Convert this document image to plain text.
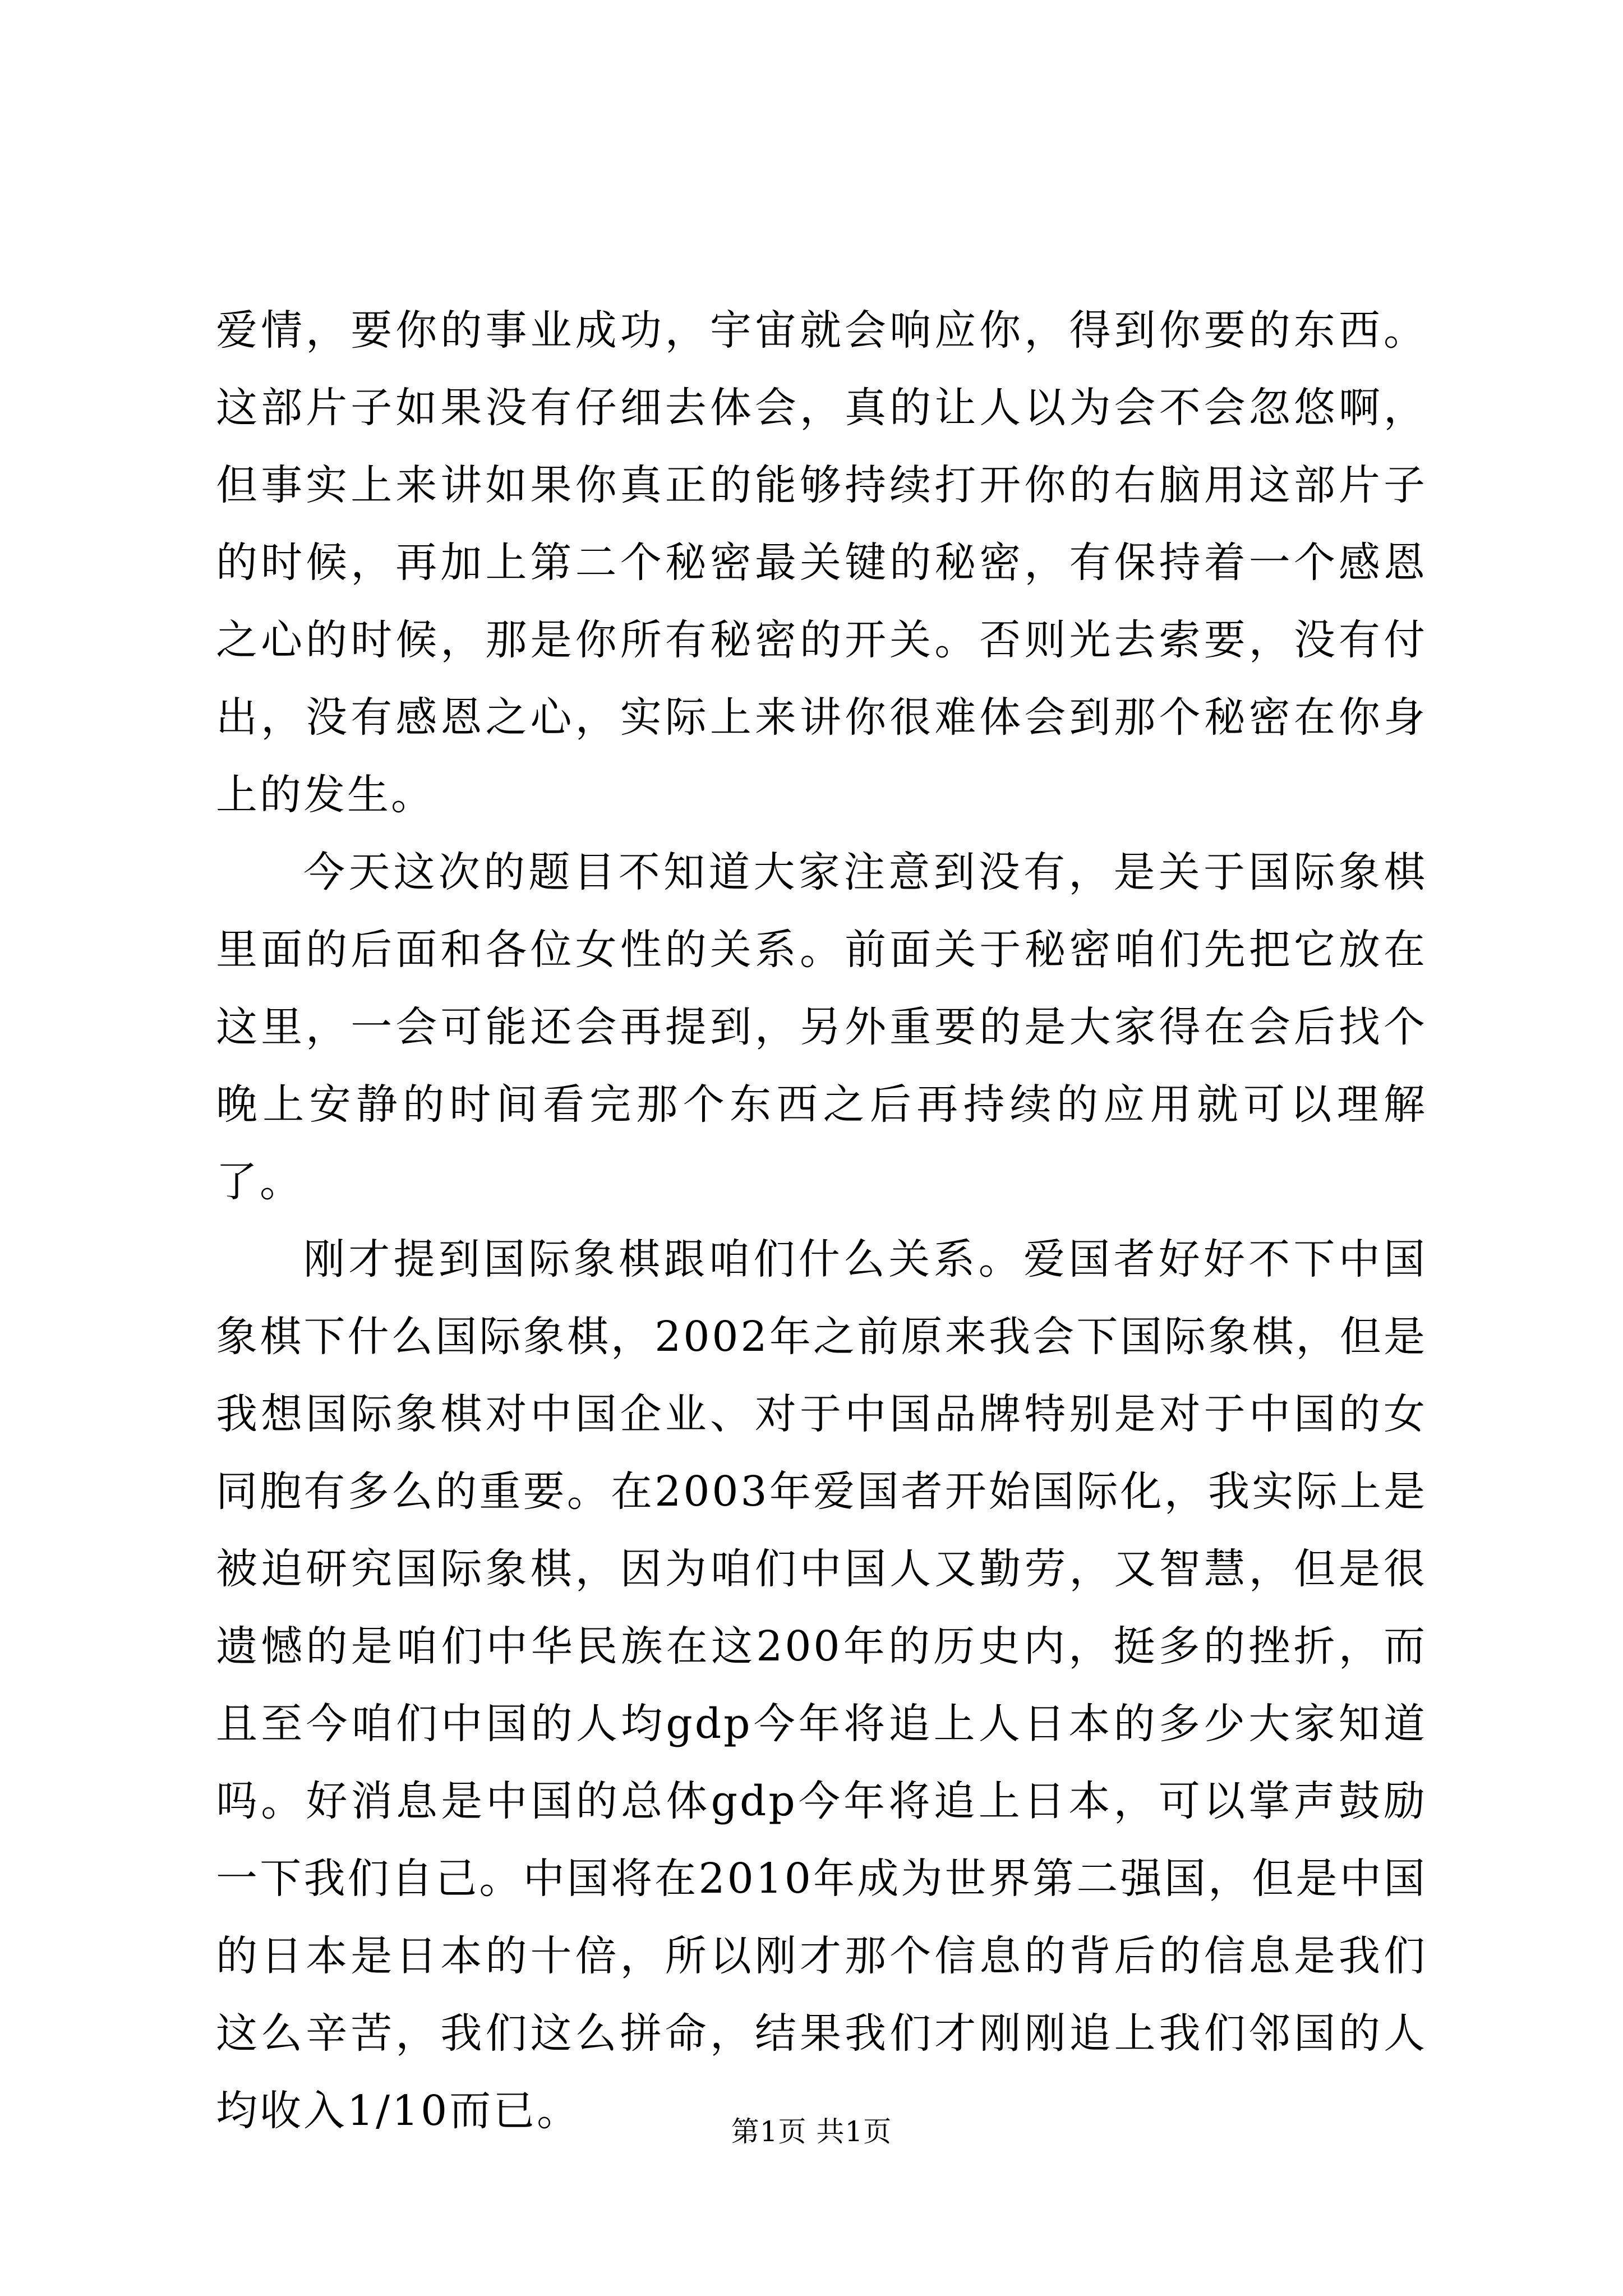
爱情，要你的事业成功，宇宙就会响应你，得到你要的东西。这部片子如果没有仔细去体会，真的让人以为会不会忽悠啊，但事实上来讲如果你真正的能够持续打开你的右脑用这部片子的时候，再加上第二个秘密最关键的秘密，有保持着一个感恩之心的时候，那是你所有秘密的开关。否则光去索要，没有付出，没有感恩之心，实际上来讲你很难体会到那个秘密在你身上的发生。

今天这次的题目不知道大家注意到没有，是关于国际象棋里面的后面和各位女性的关系。前面关于秘密咱们先把它放在这里，一会可能还会再提到，另外重要的是大家得在会后找个晚上安静的时间看完那个东西之后再持续的应用就可以理解了。

刚才提到国际象棋跟咱们什么关系。爱国者好好不下中国象棋下什么国际象棋，2002年之前原来我会下国际象棋，但是我想国际象棋对中国企业、对于中国品牌特别是对于中国的女同胞有多么的重要。在2003年爱国者开始国际化，我实际上是被迫研究国际象棋，因为咱们中国人又勤劳，又智慧，但是很遗憾的是咱们中华民族在这200年的历史内，挺多的挫折，而且至今咱们中国的人均gdp今年将追上人日本的多少大家知道吗。好消息是中国的总体gdp今年将追上日本，可以掌声鼓励一下我们自己。中国将在2010年成为世界第二强国，但是中国的日本是日本的十倍，所以刚才那个信息的背后的信息是我们这么辛苦，我们这么拼命，结果我们才刚刚追上我们邻国的人均收入1/10而已。	第1页 共1页
